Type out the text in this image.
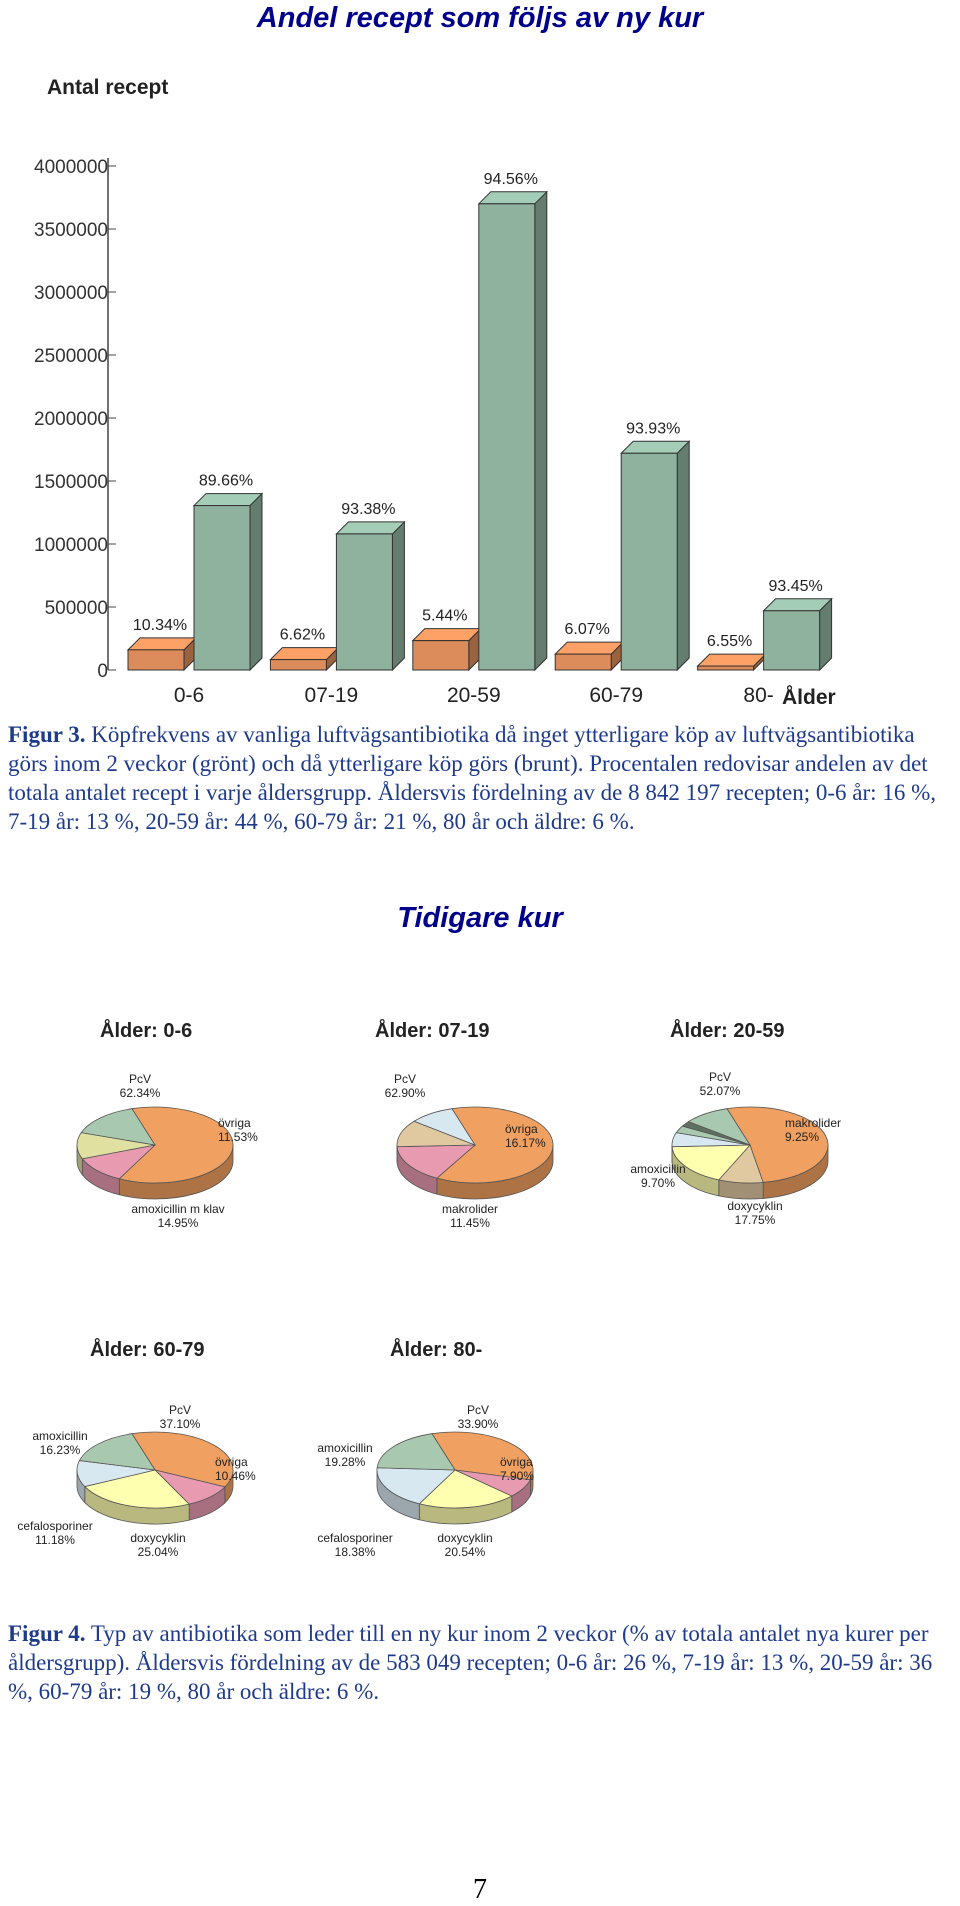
Andel recept som följs av ny kur
Antal recept
0
500000
1000000
1500000
2000000
2500000
3000000
3500000
4000000
10.34%
89.66%
0-6
6.62%
93.38%
07-19
5.44%
94.56%
20-59
6.07%
93.93%
60-79
6.55%
93.45%
80- Ålder

Figur 3. Köpfrekvens av vanliga luftvägsantibiotika då inget ytterligare köp av luftvägsantibiotika görs inom 2 veckor (grönt) och då ytterligare köp görs (brunt). Procentalen redovisar andelen av det totala antalet recept i varje åldersgrupp. Åldersvis fördelning av de 8 842 197 recepten; 0-6 år: 16 %, 7-19 år: 13 %, 20-59 år: 44 %, 60-79 år: 21 %, 80 år och äldre: 6 %.

Tidigare kur
Ålder: 0-6
PcV
62.34%
övriga
11.53%
amoxicillin m klav
14.95%
Ålder: 07-19
PcV
62.90%
övriga
16.17%
makrolider
11.45%
Ålder: 20-59
PcV
52.07%
makrolider
9.25%
doxycyklin
17.75%
amoxicillin
9.70%
Ålder: 60-79
PcV
37.10%
övriga
10.46%
doxycyklin
25.04%
cefalosporiner
11.18%
amoxicillin
16.23%
Ålder: 80-
PcV
33.90%
övriga
7.90%
doxycyklin
20.54%
cefalosporiner
18.38%
amoxicillin
19.28%

Figur 4. Typ av antibiotika som leder till en ny kur inom 2 veckor (% av totala antalet nya kurer per åldersgrupp). Åldersvis fördelning av de 583 049 recepten; 0-6 år: 26 %, 7-19 år: 13 %, 20-59 år: 36 %, 60-79 år: 19 %, 80 år och äldre: 6 %.

7
